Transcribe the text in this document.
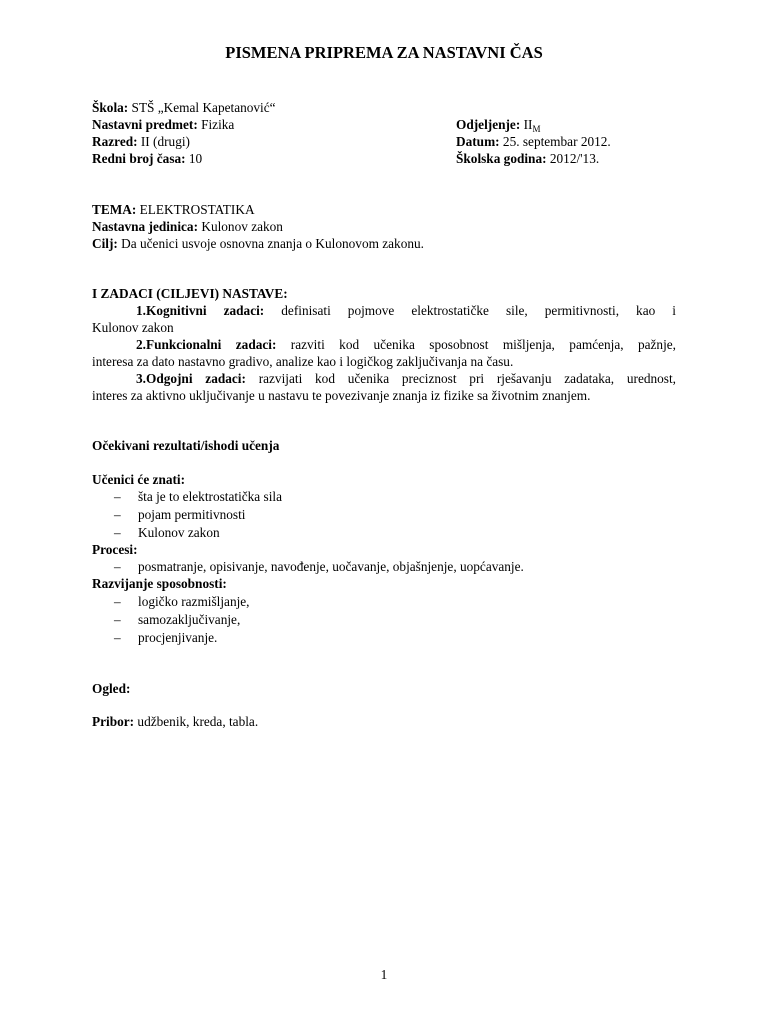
PISMENA PRIPREMA ZA NASTAVNI ČAS
Škola: STŠ „Kemal Kapetanović“
Nastavni predmet: Fizika
Razred: II (drugi)
Redni broj časa: 10
Odjeljenje: $II_M$
Datum: 25. septembar 2012.
Školska godina: 2012/'13.
TEMA: ELEKTROSTATIKA
Nastavna jedinica: Kulonov zakon
Cilj: Da učenici usvoje osnovna znanja o Kulonovom zakonu.
I ZADACI (CILJEVI) NASTAVE:
1.Kognitivni zadaci: definisati pojmove elektrostatičke sile, permitivnosti, kao i
Kulonov zakon
2.Funkcionalni zadaci: razviti kod učenika sposobnost mišljenja, pamćenja, pažnje,
interesa za dato nastavno gradivo, analize kao i logičkog zaključivanja na času.
3.Odgojni zadaci: razvijati kod učenika preciznost pri rješavanju zadataka, urednost,
interes za aktivno uključivanje u nastavu te povezivanje znanja iz fizike sa životnim znanjem.
Očekivani rezultati/ishodi učenja
Učenici će znati:
– šta je to elektrostatička sila
– pojam permitivnosti
– Kulonov zakon
Procesi:
– posmatranje, opisivanje, navođenje, uočavanje, objašnjenje, uopćavanje.
Razvijanje sposobnosti:
– logičko razmišljanje,
– samozaključivanje,
– procjenjivanje.
Ogled:
Pribor: udžbenik, kreda, tabla.
1
